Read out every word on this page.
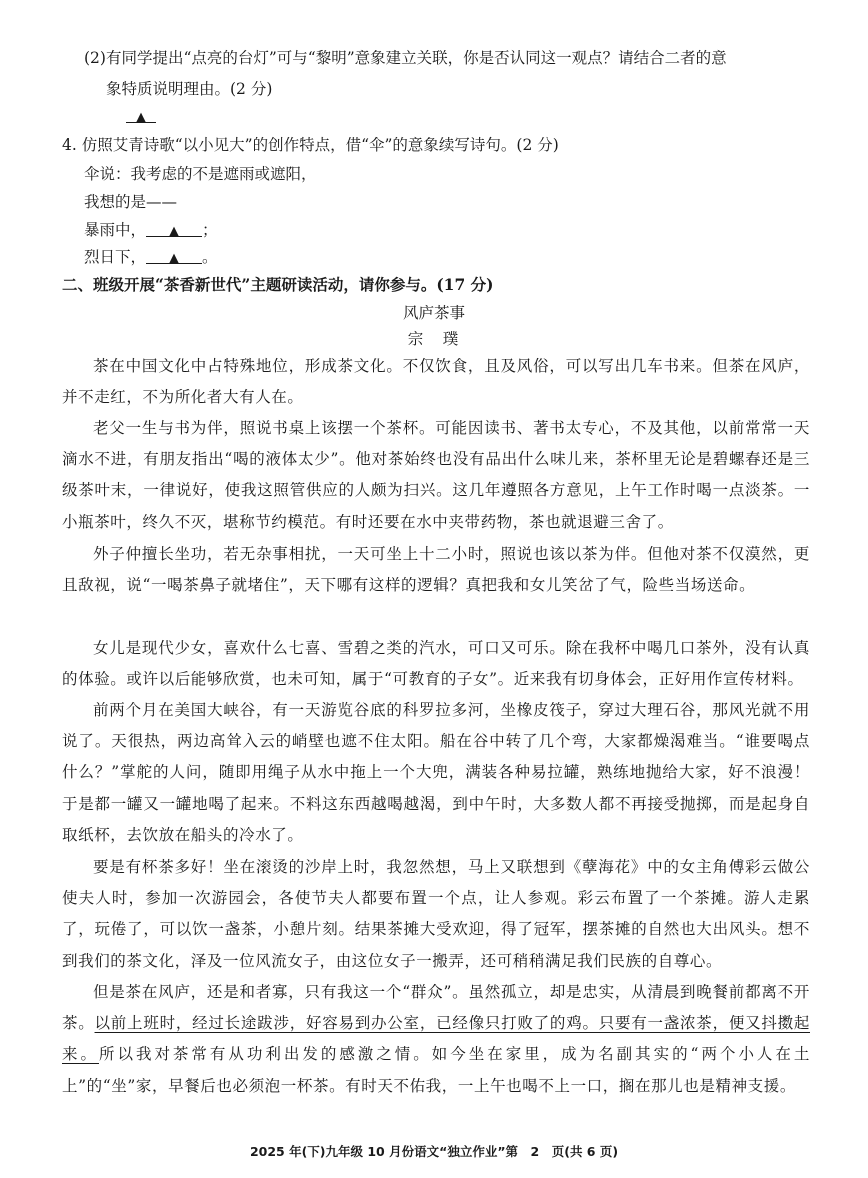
(2)有同学提出“点亮的台灯”可与“黎明”意象建立关联，你是否认同这一观点？请结合二者的意
象特质说明理由。(2 分)
▲
4. 仿照艾青诗歌“以小见大”的创作特点，借“伞”的意象续写诗句。(2 分)
伞说：我考虑的不是遮雨或遮阳，
我想的是——
暴雨中， ▲ ；
烈日下， ▲ 。
二、班级开展“茶香新世代”主题研读活动，请你参与。(17 分)
风庐茶事
宗　璞
茶在中国文化中占特殊地位，形成茶文化。不仅饮食，且及风俗，可以写出几车书来。但茶在风庐，并不走红，不为所化者大有人在。
老父一生与书为伴，照说书桌上该摆一个茶杯。可能因读书、著书太专心，不及其他，以前常常一天滴水不进，有朋友指出“喝的液体太少”。他对茶始终也没有品出什么味儿来，茶杯里无论是碧螺春还是三级茶叶末，一律说好，使我这照管供应的人颇为扫兴。这几年遵照各方意见，上午工作时喝一点淡茶。一小瓶茶叶，终久不灭，堪称节约模范。有时还要在水中夹带药物，茶也就退避三舍了。
外子仲擅长坐功，若无杂事相扰，一天可坐上十二小时，照说也该以茶为伴。但他对茶不仅漠然，更且敌视，说“一喝茶鼻子就堵住”，天下哪有这样的逻辑？真把我和女儿笑岔了气，险些当场送命。
女儿是现代少女，喜欢什么七喜、雪碧之类的汽水，可口又可乐。除在我杯中喝几口茶外，没有认真的体验。或许以后能够欣赏，也未可知，属于“可教育的子女”。近来我有切身体会，正好用作宣传材料。
前两个月在美国大峡谷，有一天游览谷底的科罗拉多河，坐橡皮筏子，穿过大理石谷，那风光就不用说了。天很热，两边高耸入云的峭壁也遮不住太阳。船在谷中转了几个弯，大家都燥渴难当。“谁要喝点什么？”掌舵的人问，随即用绳子从水中拖上一个大兜，满装各种易拉罐，熟练地抛给大家，好不浪漫！于是都一罐又一罐地喝了起来。不料这东西越喝越渴，到中午时，大多数人都不再接受抛掷，而是起身自取纸杯，去饮放在船头的冷水了。
要是有杯茶多好！坐在滚烫的沙岸上时，我忽然想，马上又联想到《孽海花》中的女主角傅彩云做公使夫人时，参加一次游园会，各使节夫人都要布置一个点，让人参观。彩云布置了一个茶摊。游人走累了，玩倦了，可以饮一盏茶，小憩片刻。结果茶摊大受欢迎，得了冠军，摆茶摊的自然也大出风头。想不到我们的茶文化，泽及一位风流女子，由这位女子一搬弄，还可稍稍满足我们民族的自尊心。
但是茶在风庐，还是和者寡，只有我这一个“群众”。虽然孤立，却是忠实，从清晨到晚餐前都离不开茶。以前上班时，经过长途跋涉，好容易到办公室，已经像只打败了的鸡。只要有一盏浓茶，便又抖擞起来。所以我对茶常有从功利出发的感激之情。如今坐在家里，成为名副其实的“两个小人在土上”的“坐”家，早餐后也必须泡一杯茶。有时天不佑我，一上午也喝不上一口，搁在那儿也是精神支援。
2025 年(下)九年级 10 月份语文“独立作业”第　2　页(共 6 页)
